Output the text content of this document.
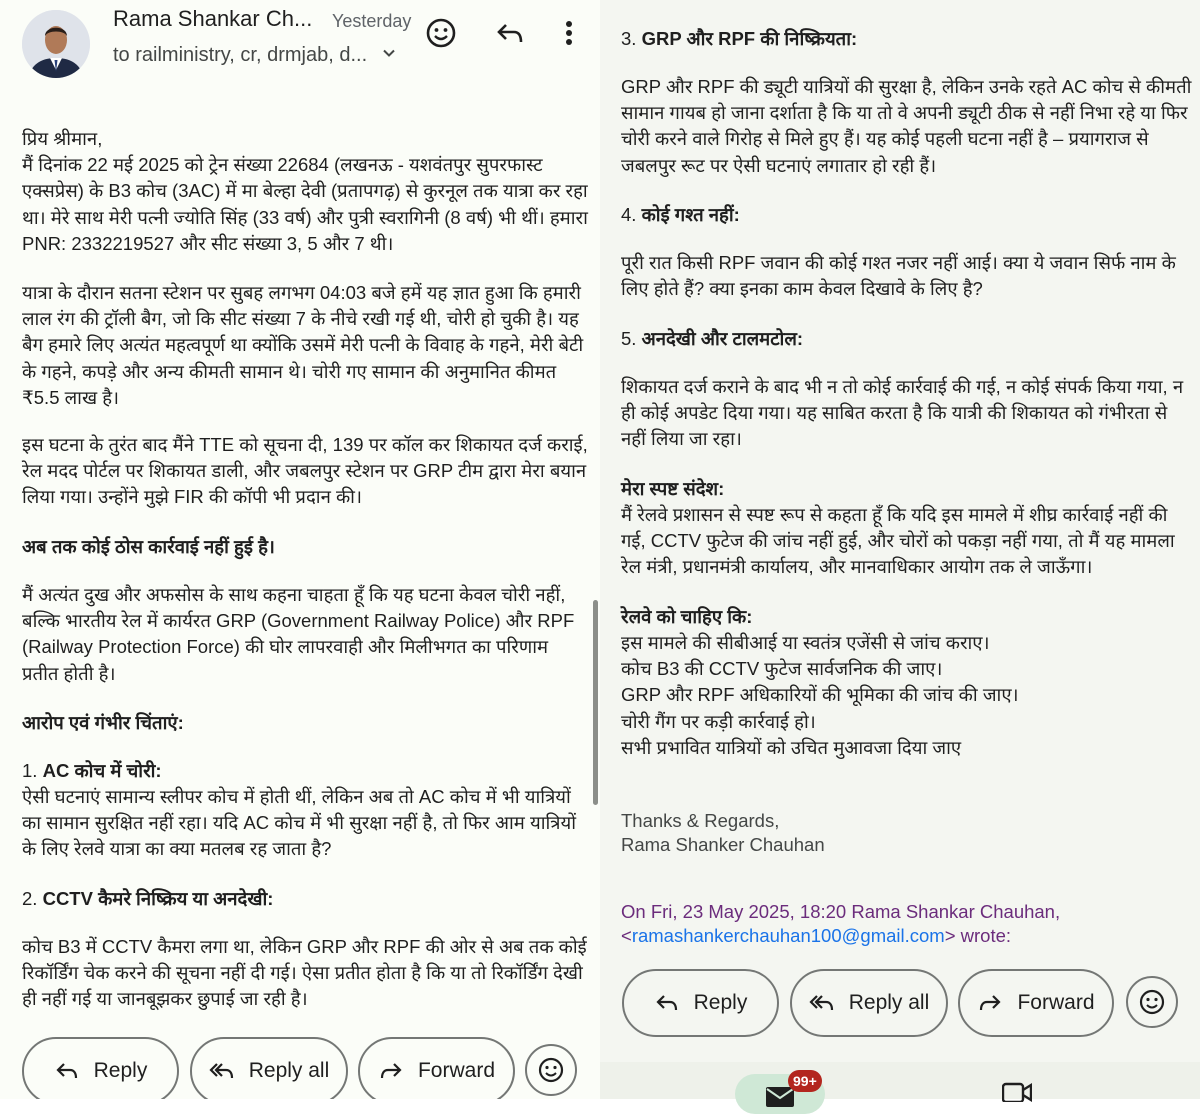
Rama Shankar Ch... Yesterday
to railministry, cr, drmjab, d...
प्रिय श्रीमान,
मैं दिनांक 22 मई 2025 को ट्रेन संख्या 22684 (लखनऊ - यशवंतपुर सुपरफास्ट एक्सप्रेस) के B3 कोच (3AC) में मा बेल्हा देवी (प्रतापगढ़) से कुरनूल तक यात्रा कर रहा था। मेरे साथ मेरी पत्नी ज्योति सिंह (33 वर्ष) और पुत्री स्वरागिनी (8 वर्ष) भी थीं। हमारा PNR: 2332219527 और सीट संख्या 3, 5 और 7 थी।
यात्रा के दौरान सतना स्टेशन पर सुबह लगभग 04:03 बजे हमें यह ज्ञात हुआ कि हमारी लाल रंग की ट्रॉली बैग, जो कि सीट संख्या 7 के नीचे रखी गई थी, चोरी हो चुकी है। यह बैग हमारे लिए अत्यंत महत्वपूर्ण था क्योंकि उसमें मेरी पत्नी के विवाह के गहने, मेरी बेटी के गहने, कपड़े और अन्य कीमती सामान थे। चोरी गए सामान की अनुमानित कीमत ₹5.5 लाख है।
इस घटना के तुरंत बाद मैंने TTE को सूचना दी, 139 पर कॉल कर शिकायत दर्ज कराई, रेल मदद पोर्टल पर शिकायत डाली, और जबलपुर स्टेशन पर GRP टीम द्वारा मेरा बयान लिया गया। उन्होंने मुझे FIR की कॉपी भी प्रदान की।
अब तक कोई ठोस कार्रवाई नहीं हुई है।
मैं अत्यंत दुख और अफसोस के साथ कहना चाहता हूँ कि यह घटना केवल चोरी नहीं, बल्कि भारतीय रेल में कार्यरत GRP (Government Railway Police) और RPF (Railway Protection Force) की घोर लापरवाही और मिलीभगत का परिणाम प्रतीत होती है।
आरोप एवं गंभीर चिंताएं:
1. AC कोच में चोरी:
ऐसी घटनाएं सामान्य स्लीपर कोच में होती थीं, लेकिन अब तो AC कोच में भी यात्रियों का सामान सुरक्षित नहीं रहा। यदि AC कोच में भी सुरक्षा नहीं है, तो फिर आम यात्रियों के लिए रेलवे यात्रा का क्या मतलब रह जाता है?
2. CCTV कैमरे निष्क्रिय या अनदेखी:
कोच B3 में CCTV कैमरा लगा था, लेकिन GRP और RPF की ओर से अब तक कोई रिकॉर्डिंग चेक करने की सूचना नहीं दी गई। ऐसा प्रतीत होता है कि या तो रिकॉर्डिंग देखी ही नहीं गई या जानबूझकर छुपाई जा रही है।
Reply	Reply all	Forward
3. GRP और RPF की निष्क्रियता:
GRP और RPF की ड्यूटी यात्रियों की सुरक्षा है, लेकिन उनके रहते AC कोच से कीमती सामान गायब हो जाना दर्शाता है कि या तो वे अपनी ड्यूटी ठीक से नहीं निभा रहे या फिर चोरी करने वाले गिरोह से मिले हुए हैं। यह कोई पहली घटना नहीं है – प्रयागराज से जबलपुर रूट पर ऐसी घटनाएं लगातार हो रही हैं।
4. कोई गश्त नहीं:
पूरी रात किसी RPF जवान की कोई गश्त नजर नहीं आई। क्या ये जवान सिर्फ नाम के लिए होते हैं? क्या इनका काम केवल दिखावे के लिए है?
5. अनदेखी और टालमटोल:
शिकायत दर्ज कराने के बाद भी न तो कोई कार्रवाई की गई, न कोई संपर्क किया गया, न ही कोई अपडेट दिया गया। यह साबित करता है कि यात्री की शिकायत को गंभीरता से नहीं लिया जा रहा।
मेरा स्पष्ट संदेश:
मैं रेलवे प्रशासन से स्पष्ट रूप से कहता हूँ कि यदि इस मामले में शीघ्र कार्रवाई नहीं की गई, CCTV फुटेज की जांच नहीं हुई, और चोरों को पकड़ा नहीं गया, तो मैं यह मामला रेल मंत्री, प्रधानमंत्री कार्यालय, और मानवाधिकार आयोग तक ले जाऊँगा।
रेलवे को चाहिए कि:

इस मामले की सीबीआई या स्वतंत्र एजेंसी से जांच कराए।

कोच B3 की CCTV फुटेज सार्वजनिक की जाए।

GRP और RPF अधिकारियों की भूमिका की जांच की जाए।

चोरी गैंग पर कड़ी कार्रवाई हो।

सभी प्रभावित यात्रियों को उचित मुआवजा दिया जाए

Thanks & Regards,
Rama Shanker Chauhan
On Fri, 23 May 2025, 18:20 Rama Shankar Chauhan,
<ramashankerchauhan100@gmail.com> wrote:
Reply	Reply all	Forward
99+
